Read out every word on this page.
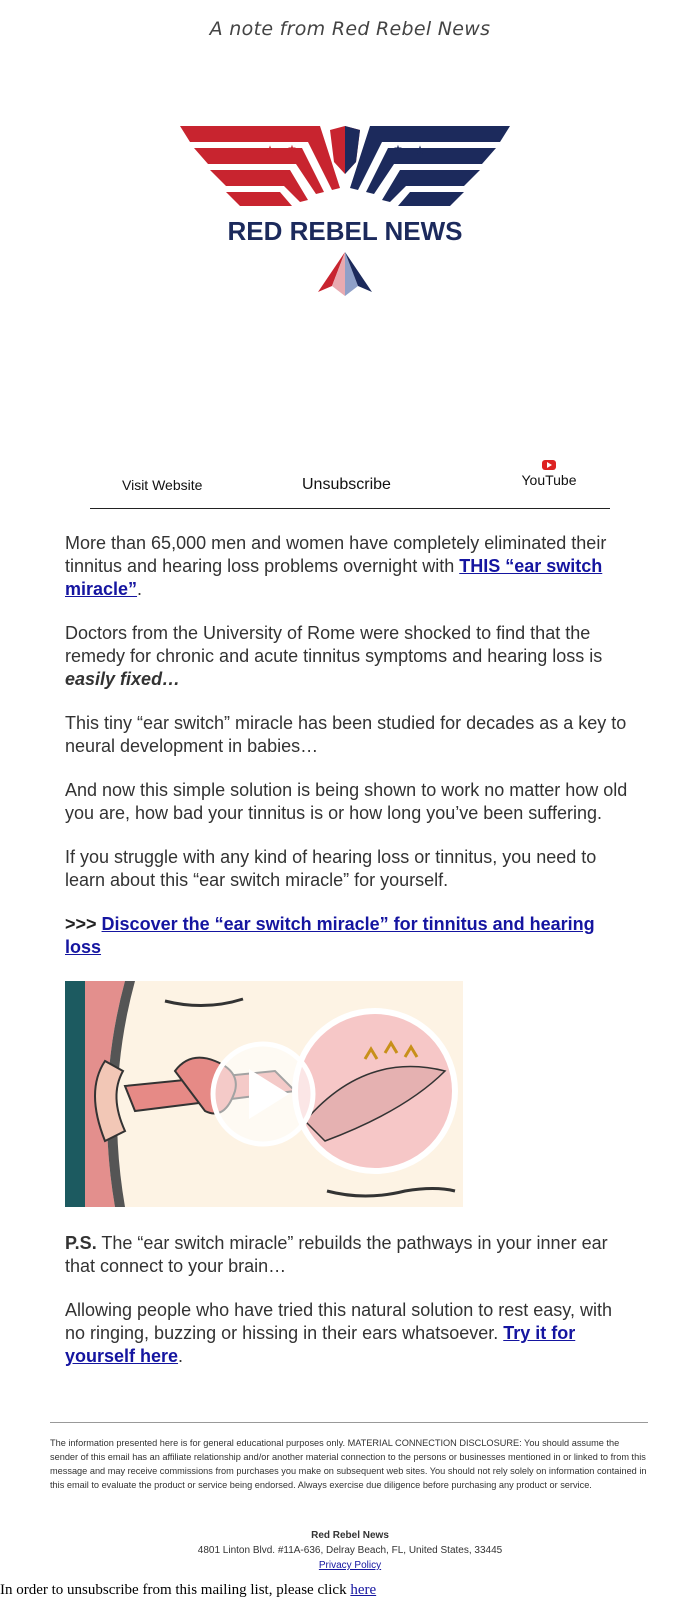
A note from Red Rebel News
★ ★	★ ★
RED REBEL NEWS
Visit Website	Unsubscribe	YouTube

More than 65,000 men and women have completely eliminated their tinnitus and hearing loss problems overnight with THIS “ear switch miracle”.

Doctors from the University of Rome were shocked to find that the remedy for chronic and acute tinnitus symptoms and hearing loss is easily fixed…

This tiny “ear switch” miracle has been studied for decades as a key to neural development in babies…

And now this simple solution is being shown to work no matter how old you are, how bad your tinnitus is or how long you’ve been suffering.

If you struggle with any kind of hearing loss or tinnitus, you need to learn about this “ear switch miracle” for yourself.

>>> Discover the “ear switch miracle” for tinnitus and hearing loss

P.S. The “ear switch miracle” rebuilds the pathways in your inner ear that connect to your brain…

Allowing people who have tried this natural solution to rest easy, with no ringing, buzzing or hissing in their ears whatsoever. Try it for yourself here.

The information presented here is for general educational purposes only. MATERIAL CONNECTION DISCLOSURE: You should assume the sender of this email has an affiliate relationship and/or another material connection to the persons or businesses mentioned in or linked to from this message and may receive commissions from purchases you make on subsequent web sites. You should not rely solely on information contained in this email to evaluate the product or service being endorsed. Always exercise due diligence before purchasing any product or service.
Red Rebel News
4801 Linton Blvd. #11A-636, Delray Beach, FL, United States, 33445
Privacy Policy
In order to unsubscribe from this mailing list, please click here
